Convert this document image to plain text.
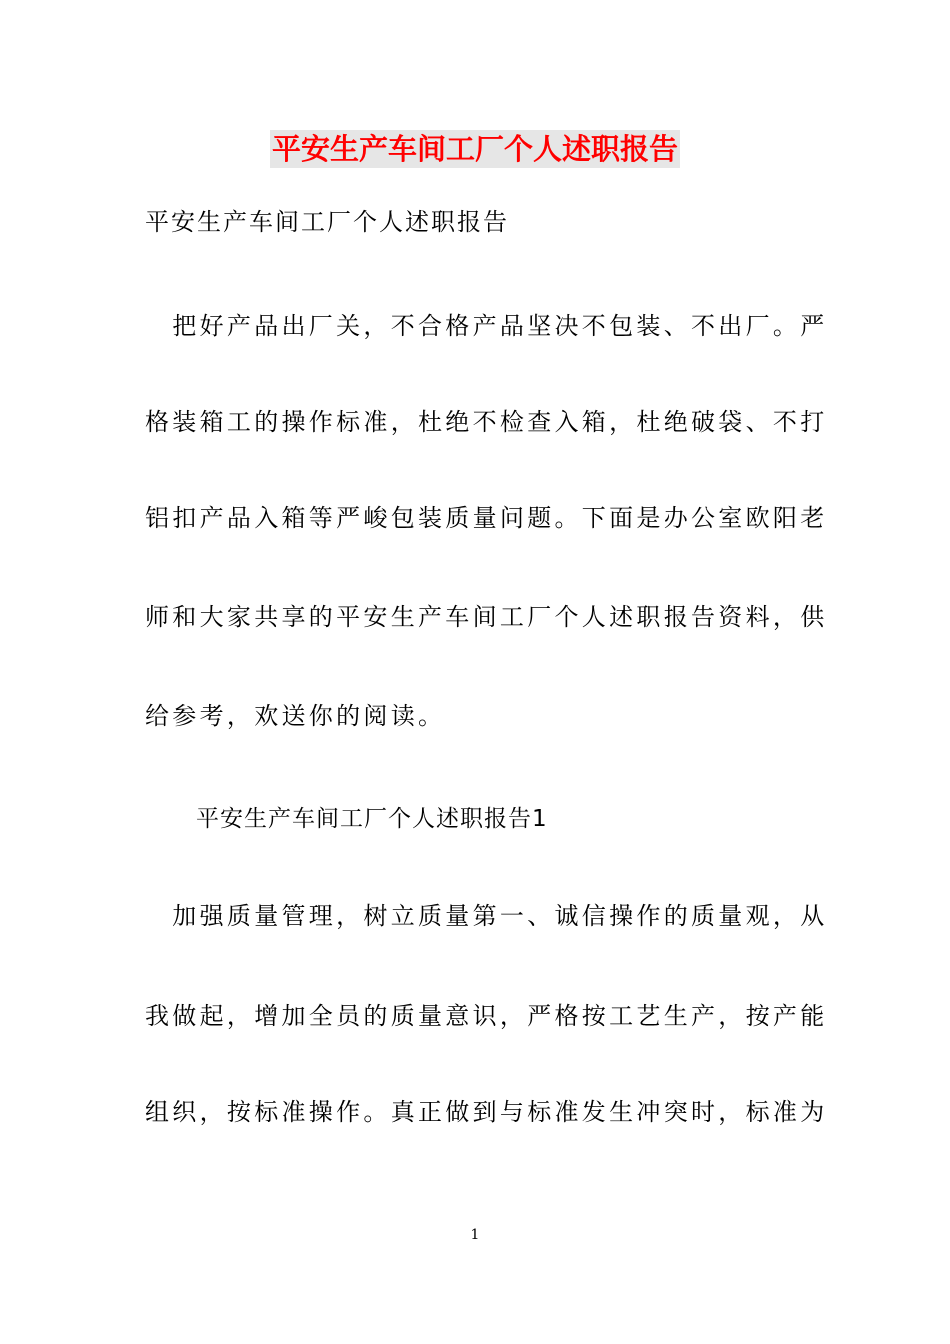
平安生产车间工厂个人述职报告
平安生产车间工厂个人述职报告
　把好产品出厂关，不合格产品坚决不包装、不出厂。严
格装箱工的操作标准，杜绝不检查入箱，杜绝破袋、不打
铝扣产品入箱等严峻包装质量问题。下面是办公室欧阳老
师和大家共享的平安生产车间工厂个人述职报告资料，供
给参考，欢送你的阅读。
平安生产车间工厂个人述职报告1
　加强质量管理，树立质量第一、诚信操作的质量观，从
我做起，增加全员的质量意识，严格按工艺生产，按产能
组织，按标准操作。真正做到与标准发生冲突时，标准为
1
